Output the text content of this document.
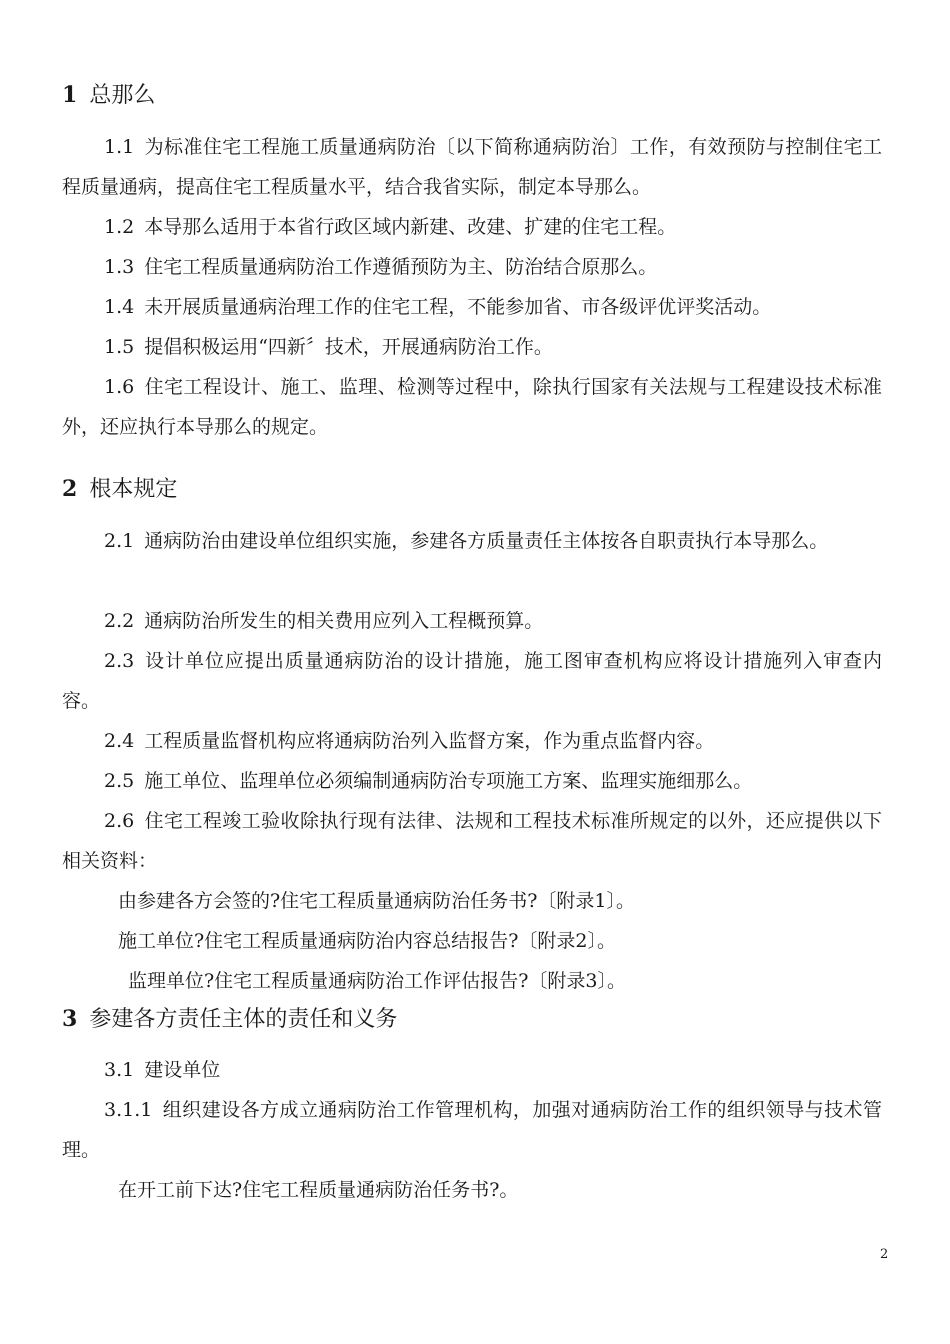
1 总那么
1.1 为标准住宅工程施工质量通病防治〔以下简称通病防治〕工作，有效预防与控制住宅工程质量通病，提高住宅工程质量水平，结合我省实际，制定本导那么。
1.2 本导那么适用于本省行政区域内新建、改建、扩建的住宅工程。
1.3 住宅工程质量通病防治工作遵循预防为主、防治结合原那么。
1.4 未开展质量通病治理工作的住宅工程，不能参加省、市各级评优评奖活动。
1.5 提倡积极运用“四新〞技术，开展通病防治工作。
1.6 住宅工程设计、施工、监理、检测等过程中，除执行国家有关法规与工程建设技术标准外，还应执行本导那么的规定。
2 根本规定
2.1 通病防治由建设单位组织实施，参建各方质量责任主体按各自职责执行本导那么。
2.2 通病防治所发生的相关费用应列入工程概预算。
2.3 设计单位应提出质量通病防治的设计措施，施工图审查机构应将设计措施列入审查内容。
2.4 工程质量监督机构应将通病防治列入监督方案，作为重点监督内容。
2.5 施工单位、监理单位必须编制通病防治专项施工方案、监理实施细那么。
2.6 住宅工程竣工验收除执行现有法律、法规和工程技术标准所规定的以外，还应提供以下相关资料：
由参建各方会签的?住宅工程质量通病防治任务书?〔附录1〕。
施工单位?住宅工程质量通病防治内容总结报告?〔附录2〕。
监理单位?住宅工程质量通病防治工作评估报告?〔附录3〕。
3 参建各方责任主体的责任和义务
3.1 建设单位
3.1.1 组织建设各方成立通病防治工作管理机构，加强对通病防治工作的组织领导与技术管理。
在开工前下达?住宅工程质量通病防治任务书?。
2
